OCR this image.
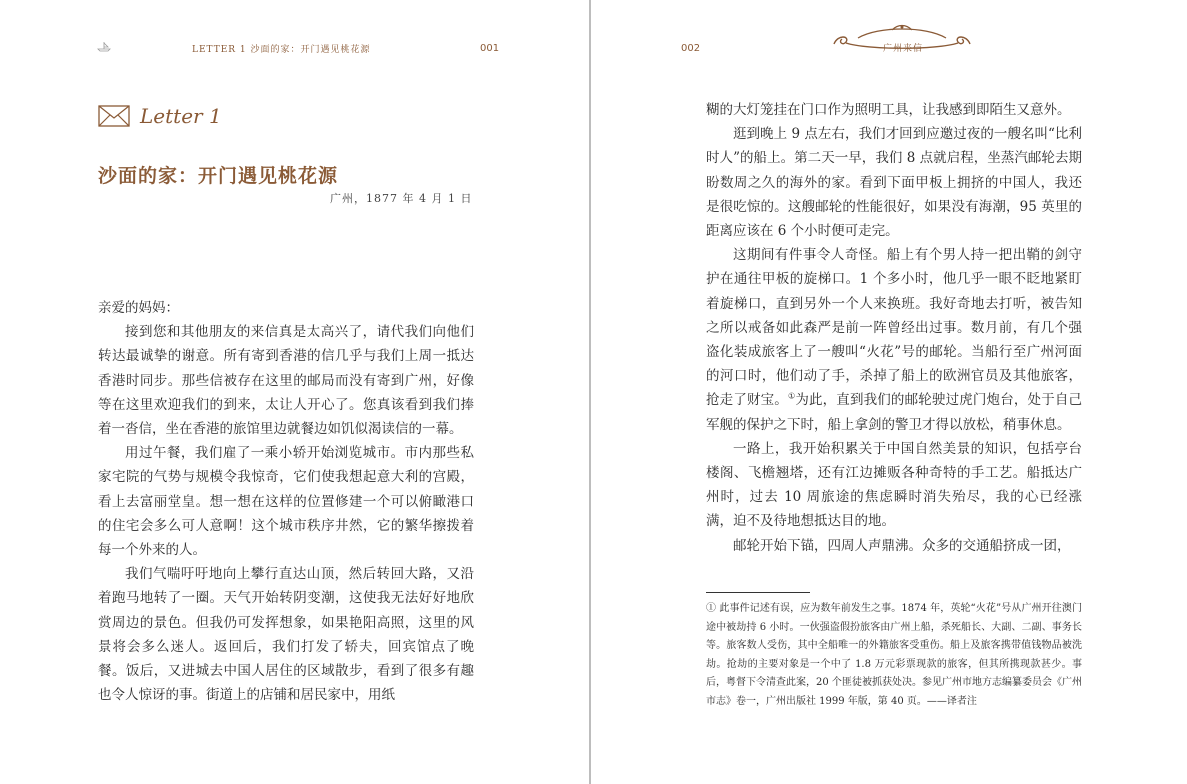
LETTER 1 沙面的家：开门遇见桃花源	001
Letter 1
沙面的家：开门遇见桃花源
广州，1877 年 4 月 1 日

亲爱的妈妈：

接到您和其他朋友的来信真是太高兴了，请代我们向他们转达最诚挚的谢意。所有寄到香港的信几乎与我们上周一抵达香港时同步。那些信被存在这里的邮局而没有寄到广州，好像等在这里欢迎我们的到来，太让人开心了。您真该看到我们捧着一沓信，坐在香港的旅馆里边就餐边如饥似渴读信的一幕。

用过午餐，我们雇了一乘小轿开始浏览城市。市内那些私家宅院的气势与规模令我惊奇，它们使我想起意大利的宫殿，看上去富丽堂皇。想一想在这样的位置修建一个可以俯瞰港口的住宅会多么可人意啊！这个城市秩序井然，它的繁华擦拨着每一个外来的人。

我们气喘吁吁地向上攀行直达山顶，然后转回大路，又沿着跑马地转了一圈。天气开始转阴变潮，这使我无法好好地欣赏周边的景色。但我仍可发挥想象，如果艳阳高照，这里的风景将会多么迷人。返回后，我们打发了轿夫，回宾馆点了晚餐。饭后，又进城去中国人居住的区域散步，看到了很多有趣也令人惊讶的事。街道上的店铺和居民家中，用纸

002	广州来信

糊的大灯笼挂在门口作为照明工具，让我感到即陌生又意外。

逛到晚上 9 点左右，我们才回到应邀过夜的一艘名叫“比利时人”的船上。第二天一早，我们 8 点就启程，坐蒸汽邮轮去期盼数周之久的海外的家。看到下面甲板上拥挤的中国人，我还是很吃惊的。这艘邮轮的性能很好，如果没有海潮，95 英里的距离应该在 6 个小时便可走完。

这期间有件事令人奇怪。船上有个男人持一把出鞘的剑守护在通往甲板的旋梯口。1 个多小时，他几乎一眼不眨地紧盯着旋梯口，直到另外一个人来换班。我好奇地去打听，被告知之所以戒备如此森严是前一阵曾经出过事。数月前，有几个强盗化装成旅客上了一艘叫“火花”号的邮轮。当船行至广州河面的河口时，他们动了手，杀掉了船上的欧洲官员及其他旅客，抢走了财宝。①为此，直到我们的邮轮驶过虎门炮台，处于自己军舰的保护之下时，船上拿剑的警卫才得以放松，稍事休息。

一路上，我开始积累关于中国自然美景的知识，包括亭台楼阁、飞檐翘塔，还有江边摊贩各种奇特的手工艺。船抵达广州时，过去 10 周旅途的焦虑瞬时消失殆尽，我的心已经涨满，迫不及待地想抵达目的地。

邮轮开始下锚，四周人声鼎沸。众多的交通船挤成一团，

① 此事件记述有误，应为数年前发生之事。1874 年，英轮“火花”号从广州开往澳门途中被劫持 6 小时。一伙强盗假扮旅客由广州上船，杀死船长、大副、二副、事务长等。旅客数人受伤，其中全船唯一的外籍旅客受重伤。船上及旅客携带值钱物品被洗劫。抢劫的主要对象是一个中了 1.8 万元彩票现款的旅客，但其所携现款甚少。事后，粤督下令清查此案，20 个匪徒被抓获处决。参见广州市地方志编纂委员会《广州市志》卷一，广州出版社 1999 年版，第 40 页。——译者注
